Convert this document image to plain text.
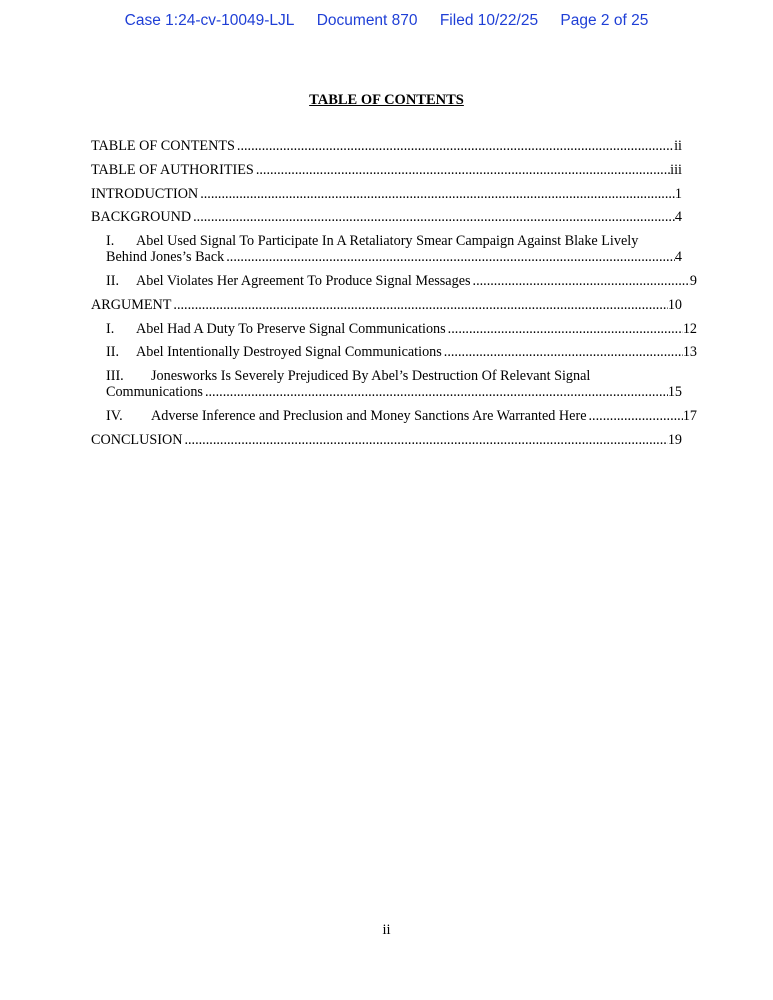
Case 1:24-cv-10049-LJL Document 870 Filed 10/22/25 Page 2 of 25
TABLE OF CONTENTS
TABLE OF CONTENTS .....	ii
TABLE OF AUTHORITIES .....	iii
INTRODUCTION .....	1
BACKGROUND .....	4
I. Abel Used Signal To Participate In A Retaliatory Smear Campaign Against Blake Lively
Behind Jones’s Back .....	4
II. Abel Violates Her Agreement To Produce Signal Messages .....	9
ARGUMENT .....	10
I. Abel Had A Duty To Preserve Signal Communications .....	12
II. Abel Intentionally Destroyed Signal Communications .....	13
III. Jonesworks Is Severely Prejudiced By Abel’s Destruction Of Relevant Signal
Communications .....	15
IV. Adverse Inference and Preclusion and Money Sanctions Are Warranted Here .....	17
CONCLUSION .....	19
ii
